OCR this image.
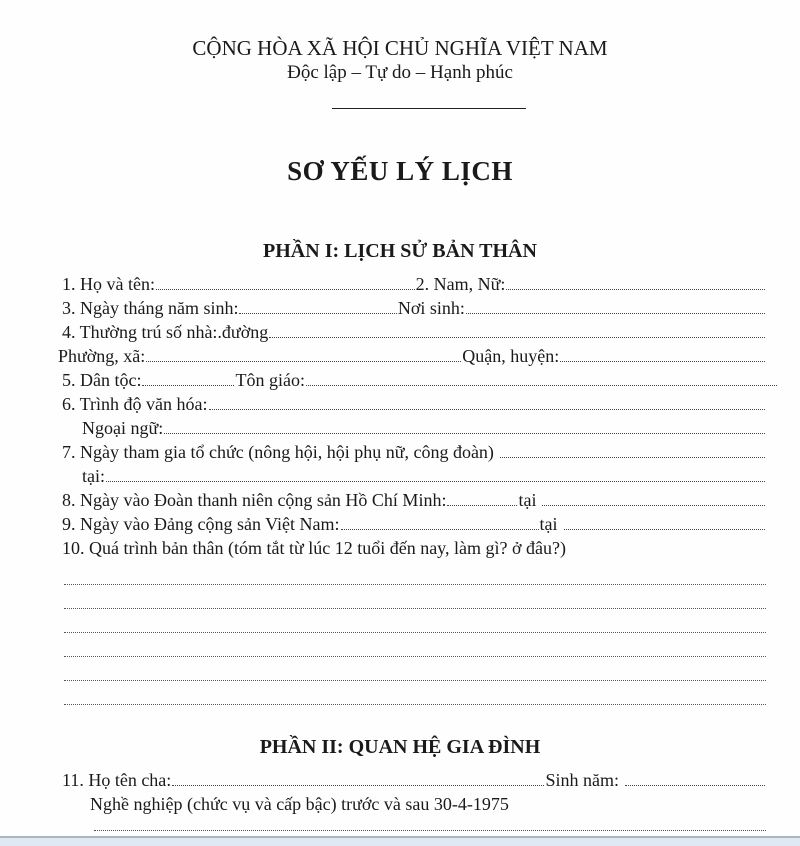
CỘNG HÒA XÃ HỘI CHỦ NGHĨA VIỆT NAM
Độc lập – Tự do – Hạnh phúc
SƠ YẾU LÝ LỊCH
PHẦN I: LỊCH SỬ BẢN THÂN
1. Họ và tên:	2. Nam, Nữ:
3. Ngày tháng năm sinh:	Nơi sinh:
4. Thường trú số nhà:.đường
Phường, xã:	Quận, huyện:
5. Dân tộc:	Tôn giáo:
6. Trình độ văn hóa:
Ngoại ngữ:
7. Ngày tham gia tổ chức (nông hội, hội phụ nữ, công đoàn)
tại:
8. Ngày vào Đoàn thanh niên cộng sản Hồ Chí Minh:	tại
9. Ngày vào Đảng cộng sản Việt Nam:	tại
10. Quá trình bản thân (tóm tắt từ lúc 12 tuổi đến nay, làm gì? ở đâu?)
PHẦN II: QUAN HỆ GIA ĐÌNH
11. Họ tên cha:	Sinh năm:
Nghề nghiệp (chức vụ và cấp bậc) trước và sau 30-4-1975
